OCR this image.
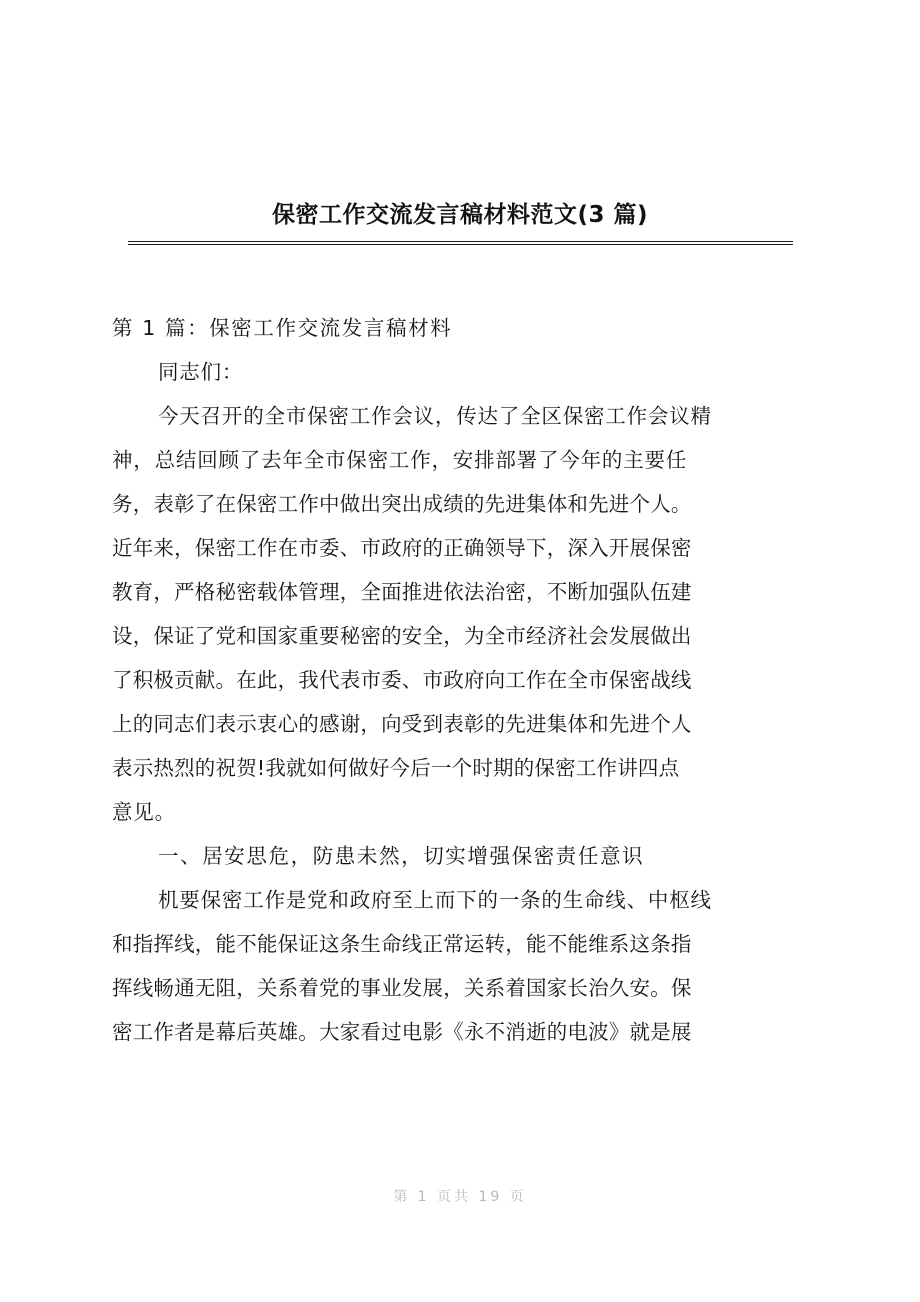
保密工作交流发言稿材料范文(3 篇)
第 1 篇：保密工作交流发言稿材料
同志们：
今天召开的全市保密工作会议，传达了全区保密工作会议精
神，总结回顾了去年全市保密工作，安排部署了今年的主要任
务，表彰了在保密工作中做出突出成绩的先进集体和先进个人。
近年来，保密工作在市委、市政府的正确领导下，深入开展保密
教育，严格秘密载体管理，全面推进依法治密，不断加强队伍建
设，保证了党和国家重要秘密的安全，为全市经济社会发展做出
了积极贡献。在此，我代表市委、市政府向工作在全市保密战线
上的同志们表示衷心的感谢，向受到表彰的先进集体和先进个人
表示热烈的祝贺!我就如何做好今后一个时期的保密工作讲四点
意见。
一、居安思危，防患未然，切实增强保密责任意识
机要保密工作是党和政府至上而下的一条的生命线、中枢线
和指挥线，能不能保证这条生命线正常运转，能不能维系这条指
挥线畅通无阻，关系着党的事业发展，关系着国家长治久安。保
密工作者是幕后英雄。大家看过电影《永不消逝的电波》就是展
第 1 页共 19 页
